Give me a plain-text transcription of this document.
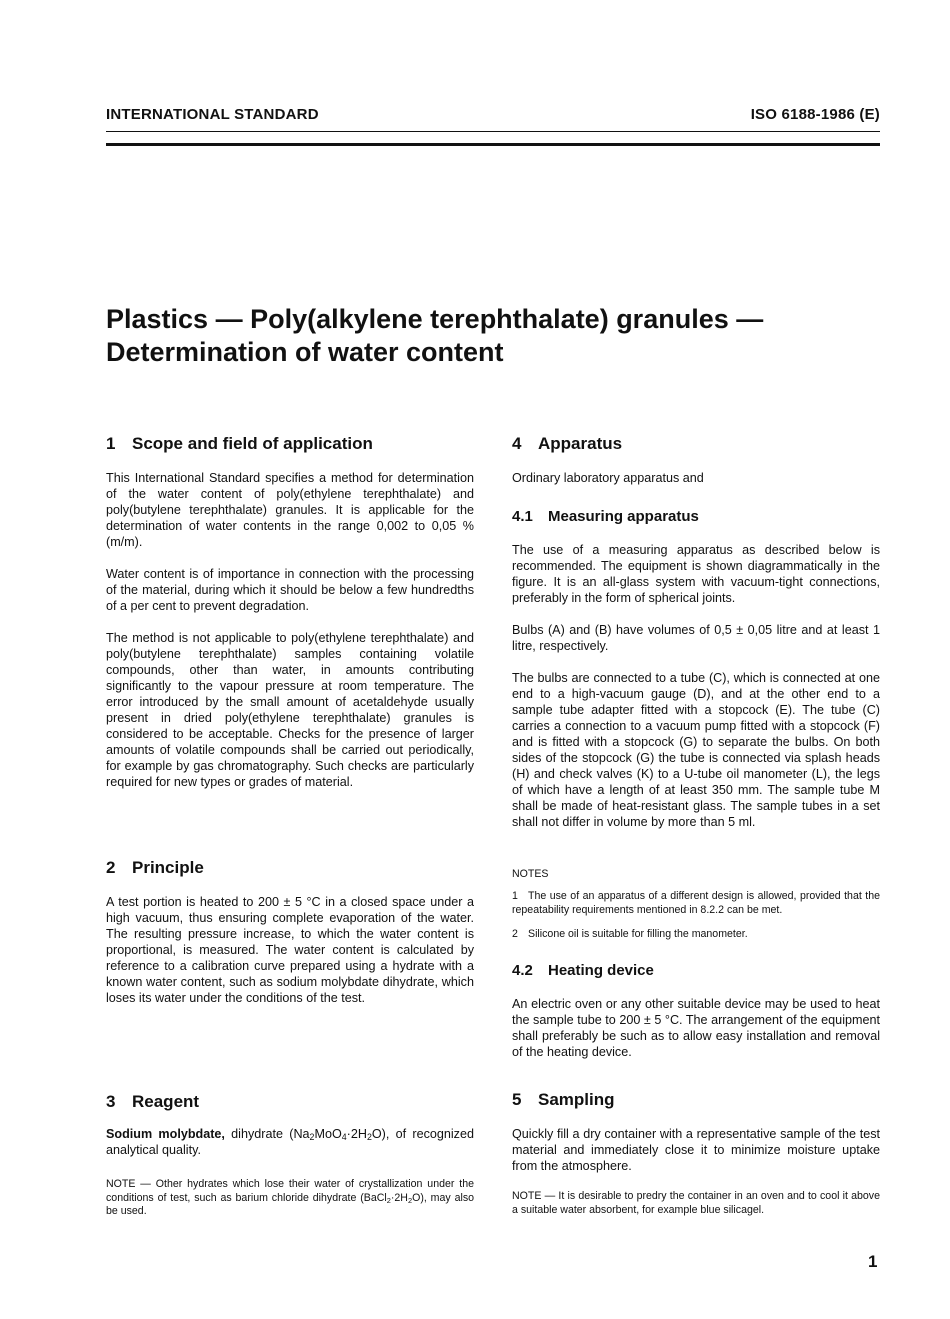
INTERNATIONAL STANDARD	ISO 6188-1986 (E)
Plastics — Poly(alkylene terephthalate) granules —
Determination of water content
1 Scope and field of application

This International Standard specifies a method for determination of the water content of poly(ethylene terephthalate) and poly(butylene terephthalate) granules. It is applicable for the determination of water contents in the range 0,002 to 0,05 % (m/m).

Water content is of importance in connection with the processing of the material, during which it should be below a few hundredths of a per cent to prevent degradation.

The method is not applicable to poly(ethylene terephthalate) and poly(butylene terephthalate) samples containing volatile compounds, other than water, in amounts contributing significantly to the vapour pressure at room temperature. The error introduced by the small amount of acetaldehyde usually present in dried poly(ethylene terephthalate) granules is considered to be acceptable. Checks for the presence of larger amounts of volatile compounds shall be carried out periodically, for example by gas chromatography. Such checks are particularly required for new types or grades of material.

2 Principle

A test portion is heated to 200 ± 5 °C in a closed space under a high vacuum, thus ensuring complete evaporation of the water. The resulting pressure increase, to which the water content is proportional, is measured. The water content is calculated by reference to a calibration curve prepared using a hydrate with a known water content, such as sodium molybdate dihydrate, which loses its water under the conditions of the test.

3 Reagent

Sodium molybdate, dihydrate $(Na_2MoO_4\cdot 2H_2O)$, of recognized analytical quality.

NOTE — Other hydrates which lose their water of crystallization under the conditions of test, such as barium chloride dihydrate $(BaCl_2\cdot 2H_2O)$, may also be used.

4 Apparatus

Ordinary laboratory apparatus and

4.1 Measuring apparatus

The use of a measuring apparatus as described below is recommended. The equipment is shown diagrammatically in the figure. It is an all-glass system with vacuum-tight connections, preferably in the form of spherical joints.

Bulbs (A) and (B) have volumes of 0,5 ± 0,05 litre and at least 1 litre, respectively.

The bulbs are connected to a tube (C), which is connected at one end to a high-vacuum gauge (D), and at the other end to a sample tube adapter fitted with a stopcock (E). The tube (C) carries a connection to a vacuum pump fitted with a stopcock (F) and is fitted with a stopcock (G) to separate the bulbs. On both sides of the stopcock (G) the tube is connected via splash heads (H) and check valves (K) to a U-tube oil manometer (L), the legs of which have a length of at least 350 mm. The sample tube M shall be made of heat-resistant glass. The sample tubes in a set shall not differ in volume by more than 5 ml.

NOTES

1 The use of an apparatus of a different design is allowed, provided that the repeatability requirements mentioned in 8.2.2 can be met.

2 Silicone oil is suitable for filling the manometer.

4.2 Heating device

An electric oven or any other suitable device may be used to heat the sample tube to 200 ± 5 °C. The arrangement of the equipment shall preferably be such as to allow easy installation and removal of the heating device.

5 Sampling

Quickly fill a dry container with a representative sample of the test material and immediately close it to minimize moisture uptake from the atmosphere.

NOTE — It is desirable to predry the container in an oven and to cool it above a suitable water absorbent, for example blue silicagel.

1
